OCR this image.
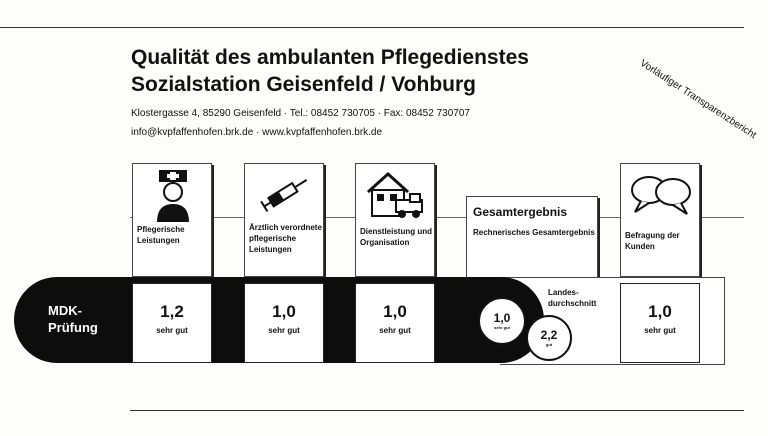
Qualität des ambulanten Pflegedienstes
Sozialstation Geisenfeld / Vohburg
Klostergasse 4, 85290 Geisenfeld · Tel.: 08452 730705 · Fax: 08452 730707
info@kvpfaffenhofen.brk.de · www.kvpfaffenhofen.brk.de	Vorläufiger Transparenzbericht
Pflegerische Leistungen
Ärztlich verordnete pflegerische Leistungen
Dienstleistung und Organisation
Gesamtergebnis
Rechnerisches Gesamtergebnis	Befragung der Kunden
MDK- Prüfung
1,2
sehr gut
1,0
sehr gut
1,0
sehr gut
1,0
sehr gut
1,0
sehr gut
Landes- durchschnitt
2,2
gut
